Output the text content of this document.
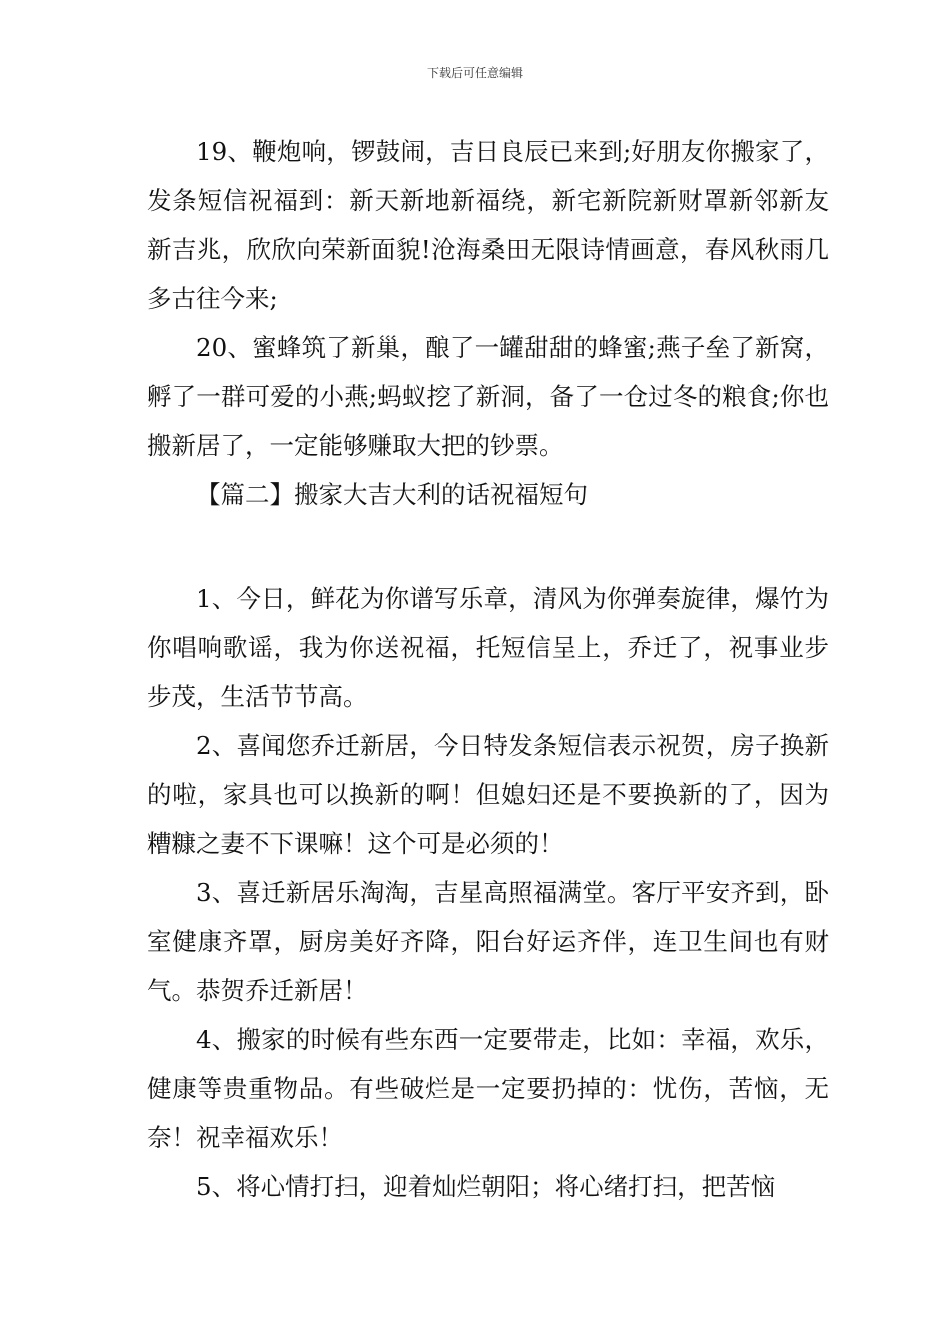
下载后可任意编辑

19、鞭炮响，锣鼓闹，吉日良辰已来到;好朋友你搬家了，发条短信祝福到：新天新地新福绕，新宅新院新财罩新邻新友新吉兆，欣欣向荣新面貌!沧海桑田无限诗情画意，春风秋雨几多古往今来;

20、蜜蜂筑了新巢，酿了一罐甜甜的蜂蜜;燕子垒了新窝，孵了一群可爱的小燕;蚂蚁挖了新洞，备了一仓过冬的粮食;你也搬新居了，一定能够赚取大把的钞票。

【篇二】搬家大吉大利的话祝福短句

1、今日，鲜花为你谱写乐章，清风为你弹奏旋律，爆竹为你唱响歌谣，我为你送祝福，托短信呈上，乔迁了，祝事业步步茂，生活节节高。

2、喜闻您乔迁新居，今日特发条短信表示祝贺，房子换新的啦，家具也可以换新的啊！但媳妇还是不要换新的了，因为糟糠之妻不下课嘛！这个可是必须的！

3、喜迁新居乐淘淘，吉星高照福满堂。客厅平安齐到，卧室健康齐罩，厨房美好齐降，阳台好运齐伴，连卫生间也有财气。恭贺乔迁新居！

4、搬家的时候有些东西一定要带走，比如：幸福，欢乐，健康等贵重物品。有些破烂是一定要扔掉的：忧伤，苦恼，无奈！祝幸福欢乐！

5、将心情打扫，迎着灿烂朝阳；将心绪打扫，把苦恼
